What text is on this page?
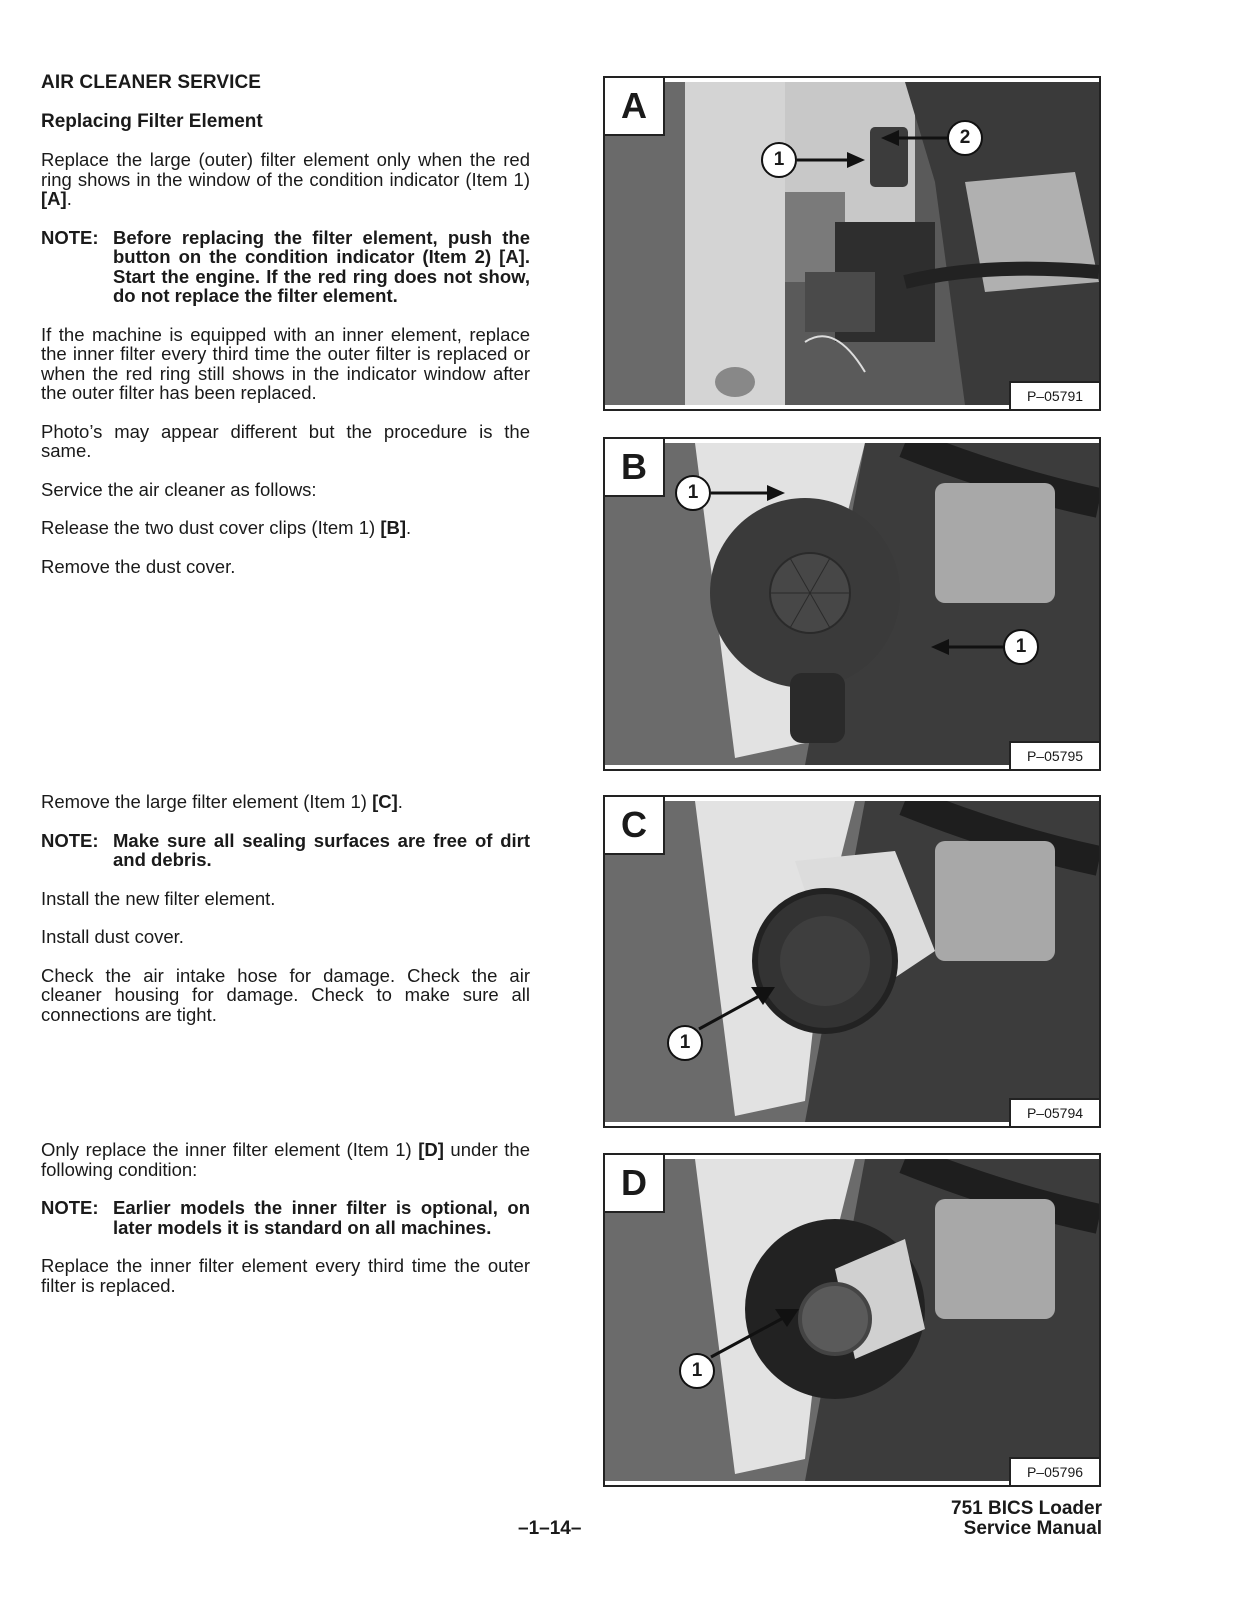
AIR CLEANER SERVICE
Replacing Filter Element
Replace the large (outer) filter element only when the red ring shows in the window of the condition indicator (Item 1) [A].
NOTE: Before replacing the filter element, push the button on the condition indicator (Item 2) [A]. Start the engine. If the red ring does not show, do not replace the filter element.
If the machine is equipped with an inner element, replace the inner filter every third time the outer filter is replaced or when the red ring still shows in the indicator window after the outer filter has been replaced.
Photo’s may appear different but the procedure is the same.
Service the air cleaner as follows:
Release the two dust cover clips (Item 1) [B].
Remove the dust cover.
Remove the large filter element (Item 1) [C].
NOTE: Make sure all sealing surfaces are free of dirt and debris.
Install the new filter element.
Install dust cover.
Check the air intake hose for damage. Check the air cleaner housing for damage. Check to make sure all connections are tight.
Only replace the inner filter element (Item 1) [D] under the following condition:
NOTE: Earlier models the inner filter is optional, on later models it is standard on all machines.
Replace the inner filter element every third time the outer filter is replaced.
1
2
A
P–05791
1
1
B
P–05795
1
C
P–05794
1
D
P–05796
–1–14–
751 BICS Loader
Service Manual
